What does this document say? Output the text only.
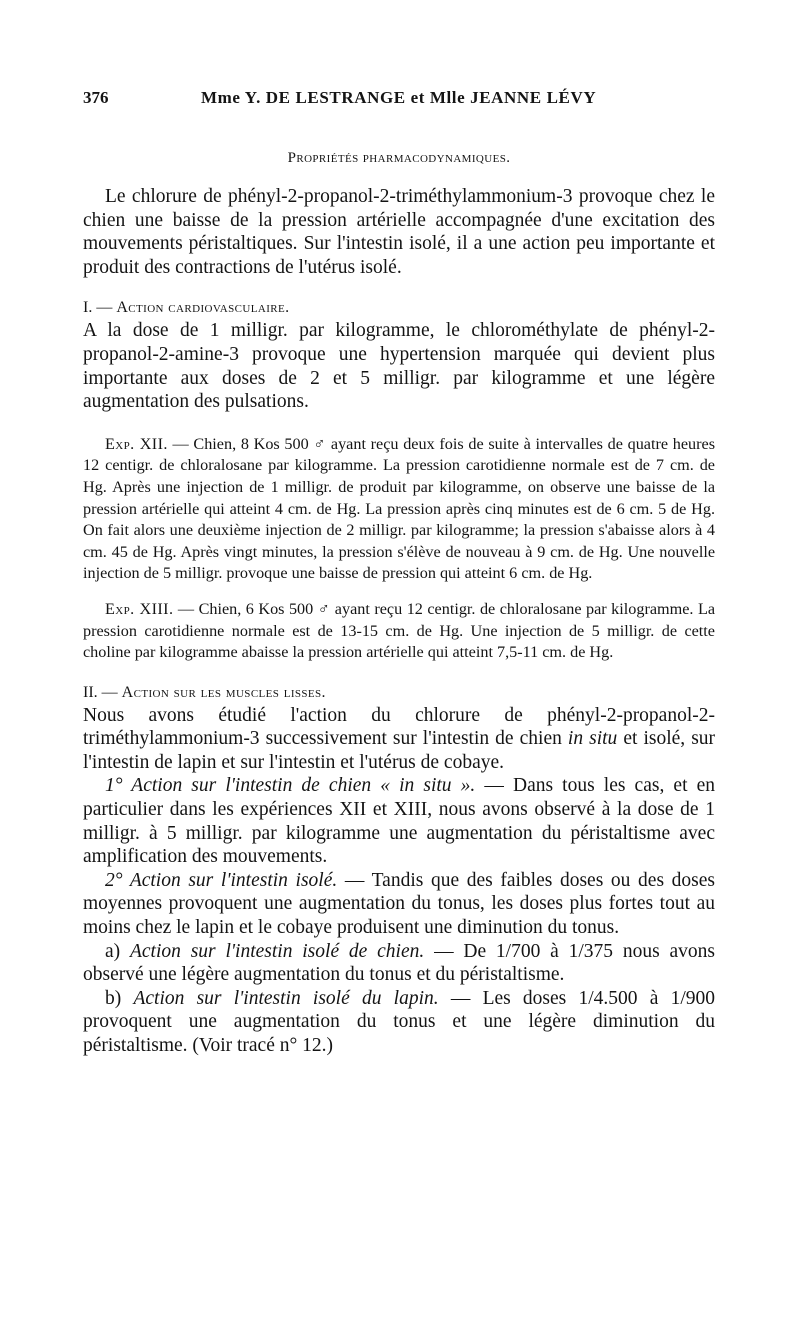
376	Mme Y. DE LESTRANGE et Mlle JEANNE LÉVY
Propriétés pharmacodynamiques.

Le chlorure de phényl-2-propanol-2-triméthylammonium-3 provoque chez le chien une baisse de la pression artérielle accompagnée d'une excitation des mouvements péristaltiques. Sur l'intestin isolé, il a une action peu importante et produit des contractions de l'utérus isolé.

I. — Action cardiovasculaire.

A la dose de 1 milligr. par kilogramme, le chlorométhylate de phényl-2-propanol-2-amine-3 provoque une hypertension marquée qui devient plus importante aux doses de 2 et 5 milligr. par kilogramme et une légère augmentation des pulsations.

Exp. XII. — Chien, 8 Kos 500 ♂ ayant reçu deux fois de suite à intervalles de quatre heures 12 centigr. de chloralosane par kilogramme. La pression carotidienne normale est de 7 cm. de Hg. Après une injection de 1 milligr. de produit par kilogramme, on observe une baisse de la pression artérielle qui atteint 4 cm. de Hg. La pression après cinq minutes est de 6 cm. 5 de Hg. On fait alors une deuxième injection de 2 milligr. par kilogramme; la pression s'abaisse alors à 4 cm. 45 de Hg. Après vingt minutes, la pression s'élève de nouveau à 9 cm. de Hg. Une nouvelle injection de 5 milligr. provoque une baisse de pression qui atteint 6 cm. de Hg.

Exp. XIII. — Chien, 6 Kos 500 ♂ ayant reçu 12 centigr. de chloralosane par kilogramme. La pression carotidienne normale est de 13-15 cm. de Hg. Une injection de 5 milligr. de cette choline par kilogramme abaisse la pression artérielle qui atteint 7,5-11 cm. de Hg.

II. — Action sur les muscles lisses.

Nous avons étudié l'action du chlorure de phényl-2-propanol-2-triméthylammonium-3 successivement sur l'intestin de chien in situ et isolé, sur l'intestin de lapin et sur l'intestin et l'utérus de cobaye.

1° Action sur l'intestin de chien « in situ ». — Dans tous les cas, et en particulier dans les expériences XII et XIII, nous avons observé à la dose de 1 milligr. à 5 milligr. par kilogramme une augmentation du péristaltisme avec amplification des mouvements.

2° Action sur l'intestin isolé. — Tandis que des faibles doses ou des doses moyennes provoquent une augmentation du tonus, les doses plus fortes tout au moins chez le lapin et le cobaye produisent une diminution du tonus.

a) Action sur l'intestin isolé de chien. — De 1/700 à 1/375 nous avons observé une légère augmentation du tonus et du péristaltisme.

b) Action sur l'intestin isolé du lapin. — Les doses 1/4.500 à 1/900 provoquent une augmentation du tonus et une légère diminution du péristaltisme. (Voir tracé n° 12.)
